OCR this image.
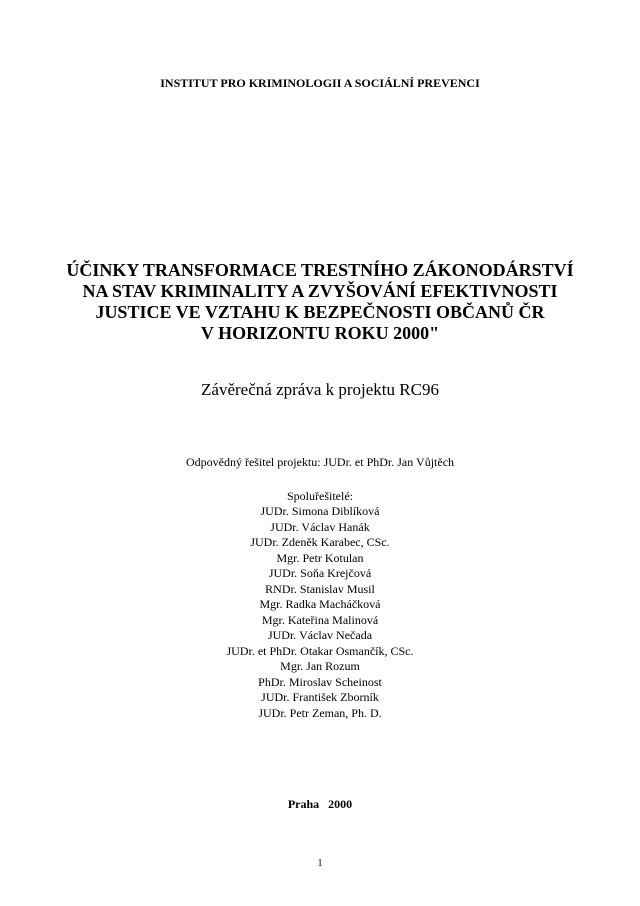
INSTITUT PRO KRIMINOLOGII A SOCIÁLNÍ PREVENCI
ÚČINKY TRANSFORMACE TRESTNÍHO ZÁKONODÁRSTVÍ
NA STAV KRIMINALITY A ZVYŠOVÁNÍ EFEKTIVNOSTI
JUSTICE VE VZTAHU K BEZPEČNOSTI OBČANŮ ČR
V HORIZONTU ROKU 2000"
Závěrečná zpráva k projektu RC96
Odpovědný řešitel projektu: JUDr. et PhDr. Jan Vůjtěch
Spoluřešitelé:
JUDr. Simona Diblíková
JUDr. Václav Hanák
JUDr. Zdeněk Karabec, CSc.
Mgr. Petr Kotulan
JUDr. Soňa Krejčová
RNDr. Stanislav Musil
Mgr. Radka Macháčková
Mgr. Kateřina Malinová
JUDr. Václav Nečada
JUDr. et PhDr. Otakar Osmančík, CSc.
Mgr. Jan Rozum
PhDr. Miroslav Scheinost
JUDr. František Zborník
JUDr. Petr Zeman, Ph. D.
Praha   2000
1
